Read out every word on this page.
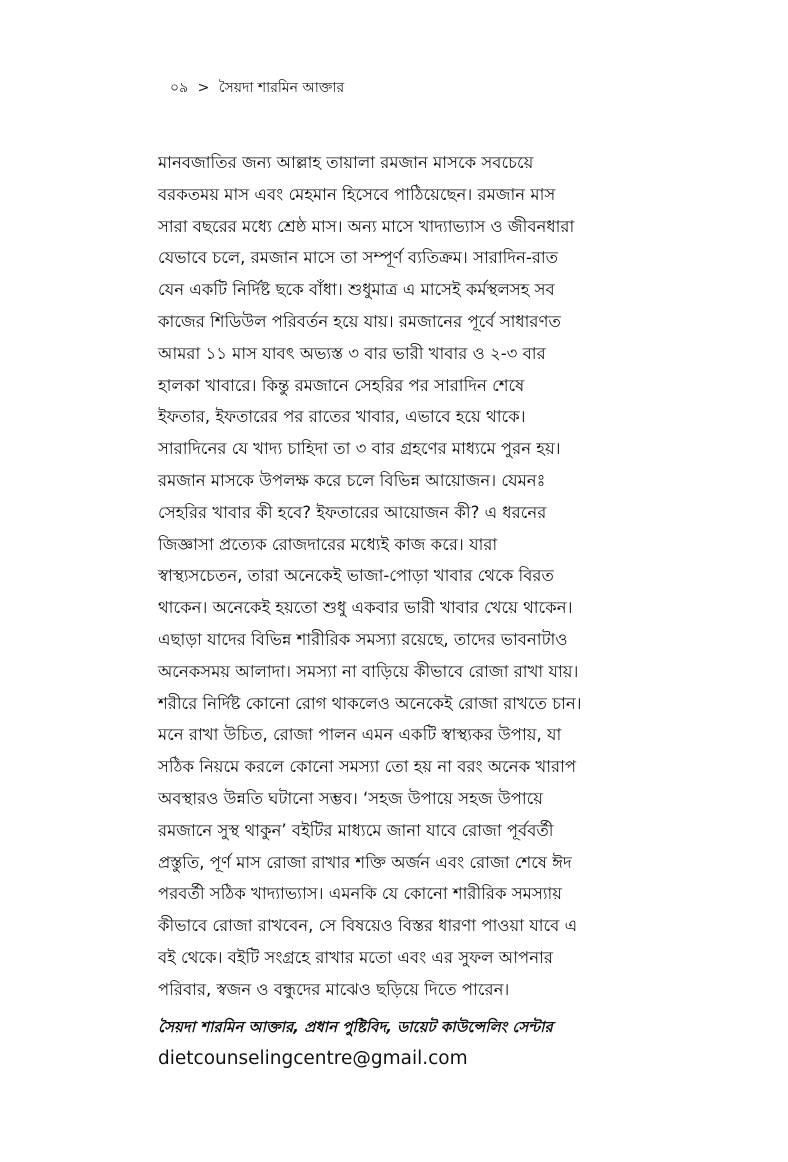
০৯ > সৈয়দা শারমিন আক্তার
মানবজাতির জন্য আল্লাহ তায়ালা রমজান মাসকে সবচেয়ে
বরকতময় মাস এবং মেহমান হিসেবে পাঠিয়েছেন। রমজান মাস
সারা বছরের মধ্যে শ্রেষ্ঠ মাস। অন্য মাসে খাদ্যাভ্যাস ও জীবনধারা
যেভাবে চলে, রমজান মাসে তা সম্পূর্ণ ব্যতিক্রম। সারাদিন-রাত
যেন একটি নির্দিষ্ট ছকে বাঁধা। শুধুমাত্র এ মাসেই কর্মস্থলসহ সব
কাজের শিডিউল পরিবর্তন হয়ে যায়। রমজানের পূর্বে সাধারণত
আমরা ১১ মাস যাবৎ অভ্যস্ত ৩ বার ভারী খাবার ও ২-৩ বার
হালকা খাবারে। কিন্তু রমজানে সেহরির পর সারাদিন শেষে
ইফতার, ইফতারের পর রাতের খাবার, এভাবে হয়ে থাকে।
সারাদিনের যে খাদ্য চাহিদা তা ৩ বার গ্রহণের মাধ্যমে পুরন হয়।
রমজান মাসকে উপলক্ষ করে চলে বিভিন্ন আয়োজন। যেমনঃ
সেহরির খাবার কী হবে? ইফতারের আয়োজন কী? এ ধরনের
জিজ্ঞাসা প্রত্যেক রোজদারের মধ্যেই কাজ করে। যারা
স্বাস্থ্যসচেতন, তারা অনেকেই ভাজা-পোড়া খাবার থেকে বিরত
থাকেন। অনেকেই হয়তো শুধু একবার ভারী খাবার খেয়ে থাকেন।
এছাড়া যাদের বিভিন্ন শারীরিক সমস্যা রয়েছে, তাদের ভাবনাটাও
অনেকসময় আলাদা। সমস্যা না বাড়িয়ে কীভাবে রোজা রাখা যায়।
শরীরে নির্দিষ্ট কোনো রোগ থাকলেও অনেকেই রোজা রাখতে চান।
মনে রাখা উচিত, রোজা পালন এমন একটি স্বাস্থ্যকর উপায়, যা
সঠিক নিয়মে করলে কোনো সমস্যা তো হয় না বরং অনেক খারাপ
অবস্থারও উন্নতি ঘটানো সম্ভব। ‘সহজ উপায়ে সহজ উপায়ে
রমজানে সুস্থ থাকুন’ বইটির মাধ্যমে জানা যাবে রোজা পূর্ববর্তী
প্রস্তুতি, পূর্ণ মাস রোজা রাখার শক্তি অর্জন এবং রোজা শেষে ঈদ
পরবর্তী সঠিক খাদ্যাভ্যাস। এমনকি যে কোনো শারীরিক সমস্যায়
কীভাবে রোজা রাখবেন, সে বিষয়েও বিস্তর ধারণা পাওয়া যাবে এ
বই থেকে। বইটি সংগ্রহে রাখার মতো এবং এর সুফল আপনার
পরিবার, স্বজন ও বন্ধুদের মাঝেও ছড়িয়ে দিতে পারেন।
সৈয়দা শারমিন আক্তার, প্রধান পুষ্টিবিদ, ডায়েট কাউন্সেলিং সেন্টার
dietcounselingcentre@gmail.com
